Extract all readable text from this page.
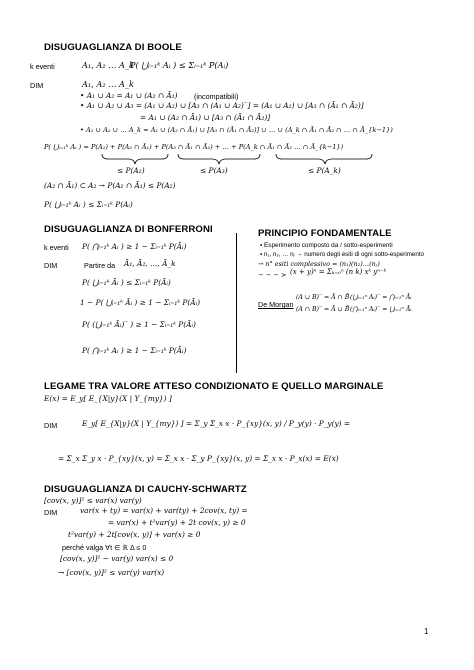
DISUGUAGLIANZA DI BOOLE
k eventi	A₁, A₂ … A_k
P( ⋃ᵢ₌₁ᵏ Aᵢ ) ≤ Σᵢ₌₁ᵏ P(Aᵢ)
DIM	A₁, A₂ … A_k
(incompatibili)
• A₁ ∪ A₂ = A₁ ∪ (A₂ ∩ Ā₁)
• A₁ ∪ A₂ ∪ A₃ = (A₁ ∪ A₂) ∪ [A₃ ∩ (A₁ ∪ A₂)‾] = (A₁ ∪ A₂) ∪ [A₃ ∩ (Ā₁ ∩ Ā₂)]
= A₁ ∪ (A₂ ∩ Ā₁) ∪ [A₃ ∩ (Ā₁ ∩ Ā₂)]
• A₁ ∪ A₂ ∪ … A_k = A₁ ∪ (A₂ ∩ Ā₁) ∪ [A₃ ∩ (Ā₁ ∩ Ā₂)] ∪ … ∪ (A_k ∩ Ā₁ ∩ Ā₂ ∩ … ∩ Ā_{k−1})
P( ⋃ᵢ₌₁ᵏ Aᵢ ) = P(A₁) + P(A₂ ∩ Ā₁) + P(A₃ ∩ Ā₁ ∩ Ā₂) + … + P(A_k ∩ Ā₁ ∩ Ā₂ … ∩ Ā_{k−1})
≤ P(A₂)	≤ P(A₃)	≤ P(A_k)
(A₂ ∩ Ā₁) ⊂ A₂ → P(A₂ ∩ Ā₁) ≤ P(A₂)
P( ⋃ᵢ₌₁ᵏ Aᵢ ) ≤ Σᵢ₌₁ᵏ P(Aᵢ)
DISUGUAGLIANZA DI BONFERRONI
k eventi P( ⋂ᵢ₌₁ᵏ Aᵢ ) ≥ 1 − Σᵢ₌₁ᵏ P(Āᵢ)
DIM	Partire da Ā₁, Ā₂, …, Ā_k
P( ⋃ᵢ₌₁ᵏ Āᵢ ) ≤ Σᵢ₌₁ᵏ P(Āᵢ)
1 − P( ⋃ᵢ₌₁ᵏ Āᵢ ) ≥ 1 − Σᵢ₌₁ᵏ P(Āᵢ)
P( (⋃ᵢ₌₁ᵏ Āᵢ)‾ ) ≥ 1 − Σᵢ₌₁ᵏ P(Āᵢ)
P( ⋂ᵢ₌₁ᵏ Aᵢ ) ≥ 1 − Σᵢ₌₁ᵏ P(Āᵢ)
PRINCIPIO FONDAMENTALE
▪ Esperimento composto da / sotto-esperimenti
▪ n₁, n₂, … nⱼ → numero degli esiti di ogni sotto-esperimento
→ n° esiti complessivo = (n₁)(n₂)…(nⱼ)
− − − > (x + y)ⁿ = Σₖ₌₀ⁿ (n k) xᵏ yⁿ⁻ᵏ
De Morgan
(A ∪ B)‾ = Ā ∩ B̄
(A ∩ B)‾ = Ā ∪ B̄
(⋃ᵢ₌₁ⁿ Aᵢ)‾ = ⋂ᵢ₌₁ⁿ Āᵢ
(⋂ᵢ₌₁ⁿ Aᵢ)‾ = ⋃ᵢ₌₁ⁿ Āᵢ
LEGAME TRA VALORE ATTESO CONDIZIONATO E QUELLO MARGINALE
E(x) = E_y[ E_{X|y}(X | Y_{my}) ]
DIM	E_y[ E_{X|y}(X | Y_{my}) ] = Σ_y Σ_x x · P_{xy}(x, y) / P_y(y) · P_y(y) =
= Σ_x Σ_y x · P_{xy}(x, y) = Σ_x x · Σ_y P_{xy}(x, y) = Σ_x x · P_x(x) = E(x)
DISUGUAGLIANZA DI CAUCHY-SCHWARTZ
[cov(x, y)]² ≤ var(x) var(y)
DIM	var(x + ty) = var(x) + var(ty) + 2cov(x, ty) =
= var(x) + t²var(y) + 2t cov(x, y) ≥ 0
t²var(y) + 2t[cov(x, y)] + var(x) ≥ 0
perché valga ∀t ∈ ℝ Δ ≤ 0
[cov(x, y)]² − var(y) var(x) ≤ 0
→ [cov(x, y)]² ≤ var(y) var(x)
1
